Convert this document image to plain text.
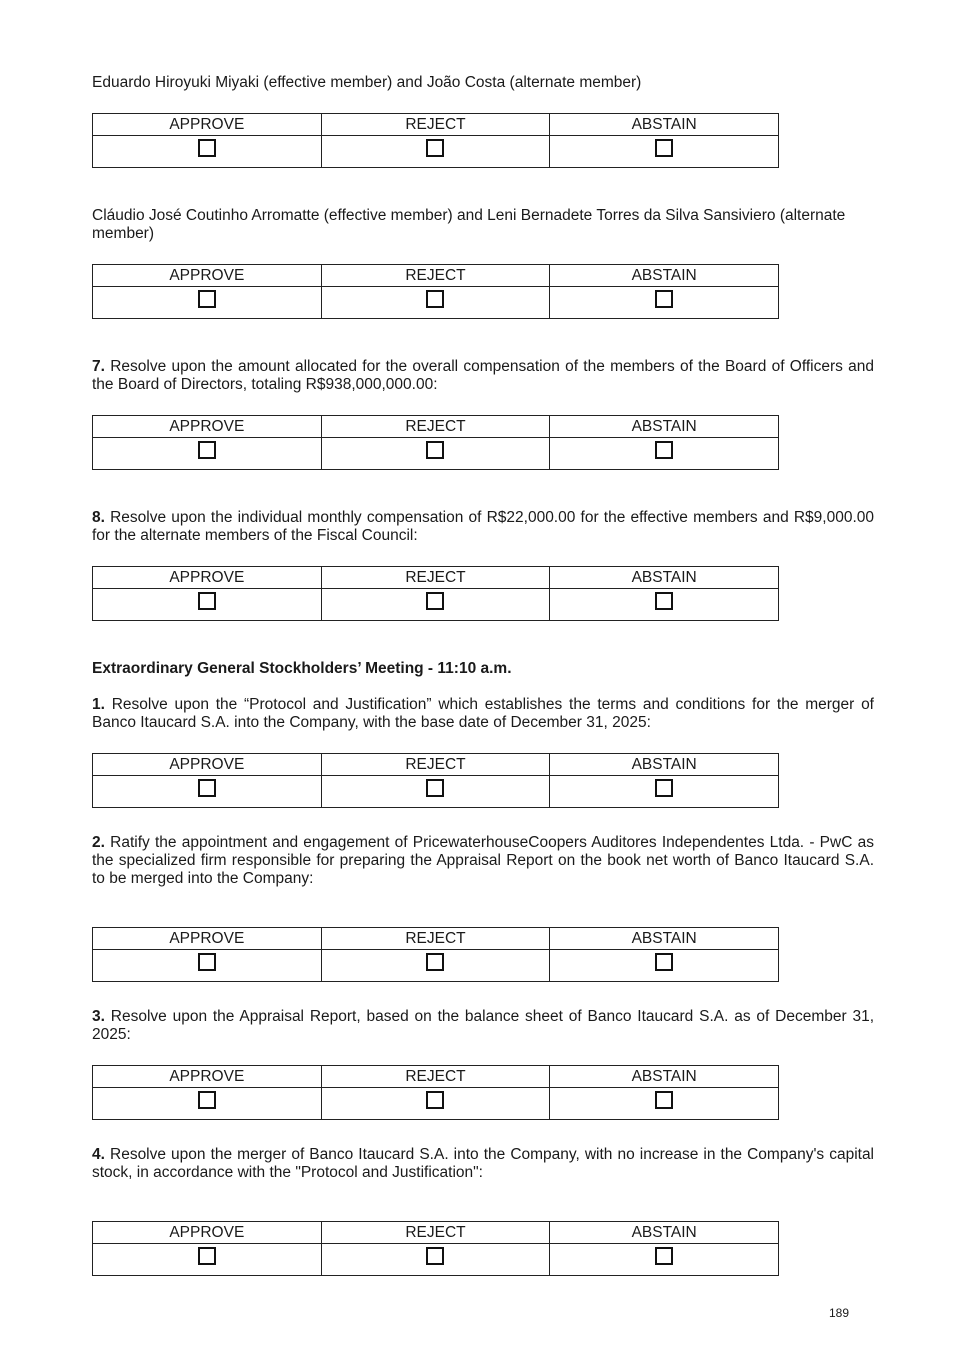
Eduardo Hiroyuki Miyaki (effective member) and João Costa (alternate member)

APPROVE	REJECT	ABSTAIN

Cláudio José Coutinho Arromatte (effective member) and Leni Bernadete Torres da Silva Sansiviero (alternate member)

APPROVE	REJECT	ABSTAIN

7. Resolve upon the amount allocated for the overall compensation of the members of the Board of Officers and the Board of Directors, totaling R$938,000,000.00:

APPROVE	REJECT	ABSTAIN

8. Resolve upon the individual monthly compensation of R$22,000.00 for the effective members and R$9,000.00 for the alternate members of the Fiscal Council:

APPROVE	REJECT	ABSTAIN

Extraordinary General Stockholders’ Meeting - 11:10 a.m.

1. Resolve upon the “Protocol and Justification” which establishes the terms and conditions for the merger of Banco Itaucard S.A. into the Company, with the base date of December 31, 2025:

APPROVE	REJECT	ABSTAIN

2. Ratify the appointment and engagement of PricewaterhouseCoopers Auditores Independentes Ltda. - PwC as the specialized firm responsible for preparing the Appraisal Report on the book net worth of Banco Itaucard S.A. to be merged into the Company:

APPROVE	REJECT	ABSTAIN

3. Resolve upon the Appraisal Report, based on the balance sheet of Banco Itaucard S.A. as of December 31, 2025:

APPROVE	REJECT	ABSTAIN

4. Resolve upon the merger of Banco Itaucard S.A. into the Company, with no increase in the Company's capital stock, in accordance with the "Protocol and Justification":

APPROVE	REJECT	ABSTAIN

189
